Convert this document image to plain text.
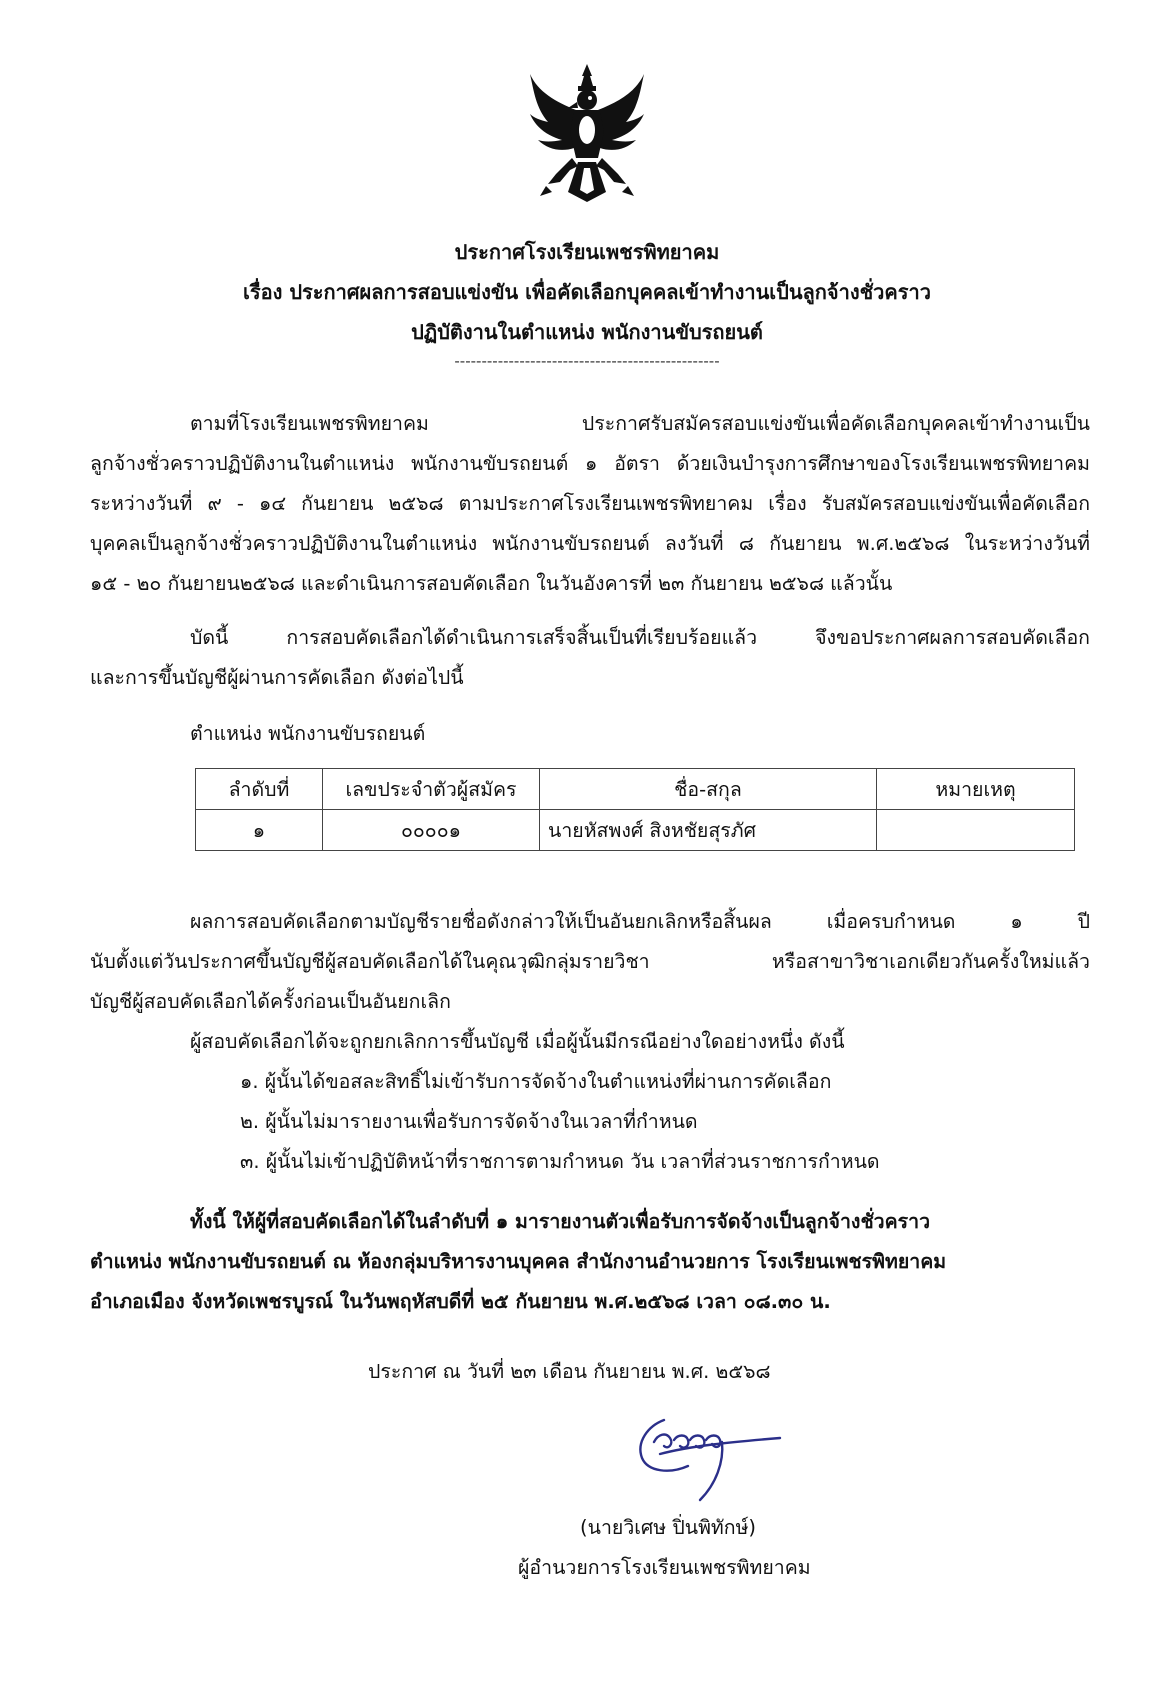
ประกาศโรงเรียนเพชรพิทยาคม
เรื่อง ประกาศผลการสอบแข่งขัน เพื่อคัดเลือกบุคคลเข้าทำงานเป็นลูกจ้างชั่วคราว
ปฏิบัติงานในตำแหน่ง พนักงานขับรถยนต์
-------------------------------------------------
ตามที่โรงเรียนเพชรพิทยาคม ประกาศรับสมัครสอบแข่งขันเพื่อคัดเลือกบุคคลเข้าทำงานเป็น
ลูกจ้างชั่วคราวปฏิบัติงานในตำแหน่ง พนักงานขับรถยนต์ ๑ อัตรา ด้วยเงินบำรุงการศึกษาของโรงเรียนเพชรพิทยาคม
ระหว่างวันที่ ๙ - ๑๔ กันยายน ๒๕๖๘ ตามประกาศโรงเรียนเพชรพิทยาคม เรื่อง รับสมัครสอบแข่งขันเพื่อคัดเลือก
บุคคลเป็นลูกจ้างชั่วคราวปฏิบัติงานในตำแหน่ง พนักงานขับรถยนต์ ลงวันที่ ๘ กันยายน พ.ศ.๒๕๖๘ ในระหว่างวันที่
๑๕ - ๒๐ กันยายน๒๕๖๘ และดำเนินการสอบคัดเลือก ในวันอังคารที่ ๒๓ กันยายน ๒๕๖๘ แล้วนั้น
บัดนี้ การสอบคัดเลือกได้ดำเนินการเสร็จสิ้นเป็นที่เรียบร้อยแล้ว จึงขอประกาศผลการสอบคัดเลือก
และการขึ้นบัญชีผู้ผ่านการคัดเลือก ดังต่อไปนี้
ตำแหน่ง พนักงานขับรถยนต์
ลำดับที่	เลขประจำตัวผู้สมัคร	ชื่อ-สกุล	หมายเหตุ
๑	๐๐๐๐๑	นายหัสพงศ์ สิงหชัยสุรภัศ	
ผลการสอบคัดเลือกตามบัญชีรายชื่อดังกล่าวให้เป็นอันยกเลิกหรือสิ้นผล เมื่อครบกำหนด ๑ ปี
นับตั้งแต่วันประกาศขึ้นบัญชีผู้สอบคัดเลือกได้ในคุณวุฒิกลุ่มรายวิชา หรือสาขาวิชาเอกเดียวกันครั้งใหม่แล้ว
บัญชีผู้สอบคัดเลือกได้ครั้งก่อนเป็นอันยกเลิก
ผู้สอบคัดเลือกได้จะถูกยกเลิกการขึ้นบัญชี เมื่อผู้นั้นมีกรณีอย่างใดอย่างหนึ่ง ดังนี้
๑. ผู้นั้นได้ขอสละสิทธิ์ไม่เข้ารับการจัดจ้างในตำแหน่งที่ผ่านการคัดเลือก
๒. ผู้นั้นไม่มารายงานเพื่อรับการจัดจ้างในเวลาที่กำหนด
๓. ผู้นั้นไม่เข้าปฏิบัติหน้าที่ราชการตามกำหนด วัน เวลาที่ส่วนราชการกำหนด
ทั้งนี้ ให้ผู้ที่สอบคัดเลือกได้ในลำดับที่ ๑ มารายงานตัวเพื่อรับการจัดจ้างเป็นลูกจ้างชั่วคราว
ตำแหน่ง พนักงานขับรถยนต์ ณ ห้องกลุ่มบริหารงานบุคคล สำนักงานอำนวยการ โรงเรียนเพชรพิทยาคม
อำเภอเมือง จังหวัดเพชรบูรณ์ ในวันพฤหัสบดีที่ ๒๕ กันยายน พ.ศ.๒๕๖๘ เวลา ๐๘.๓๐ น.
ประกาศ ณ วันที่ ๒๓ เดือน กันยายน พ.ศ. ๒๕๖๘
(นายวิเศษ ปิ่นพิทักษ์)
ผู้อำนวยการโรงเรียนเพชรพิทยาคม
